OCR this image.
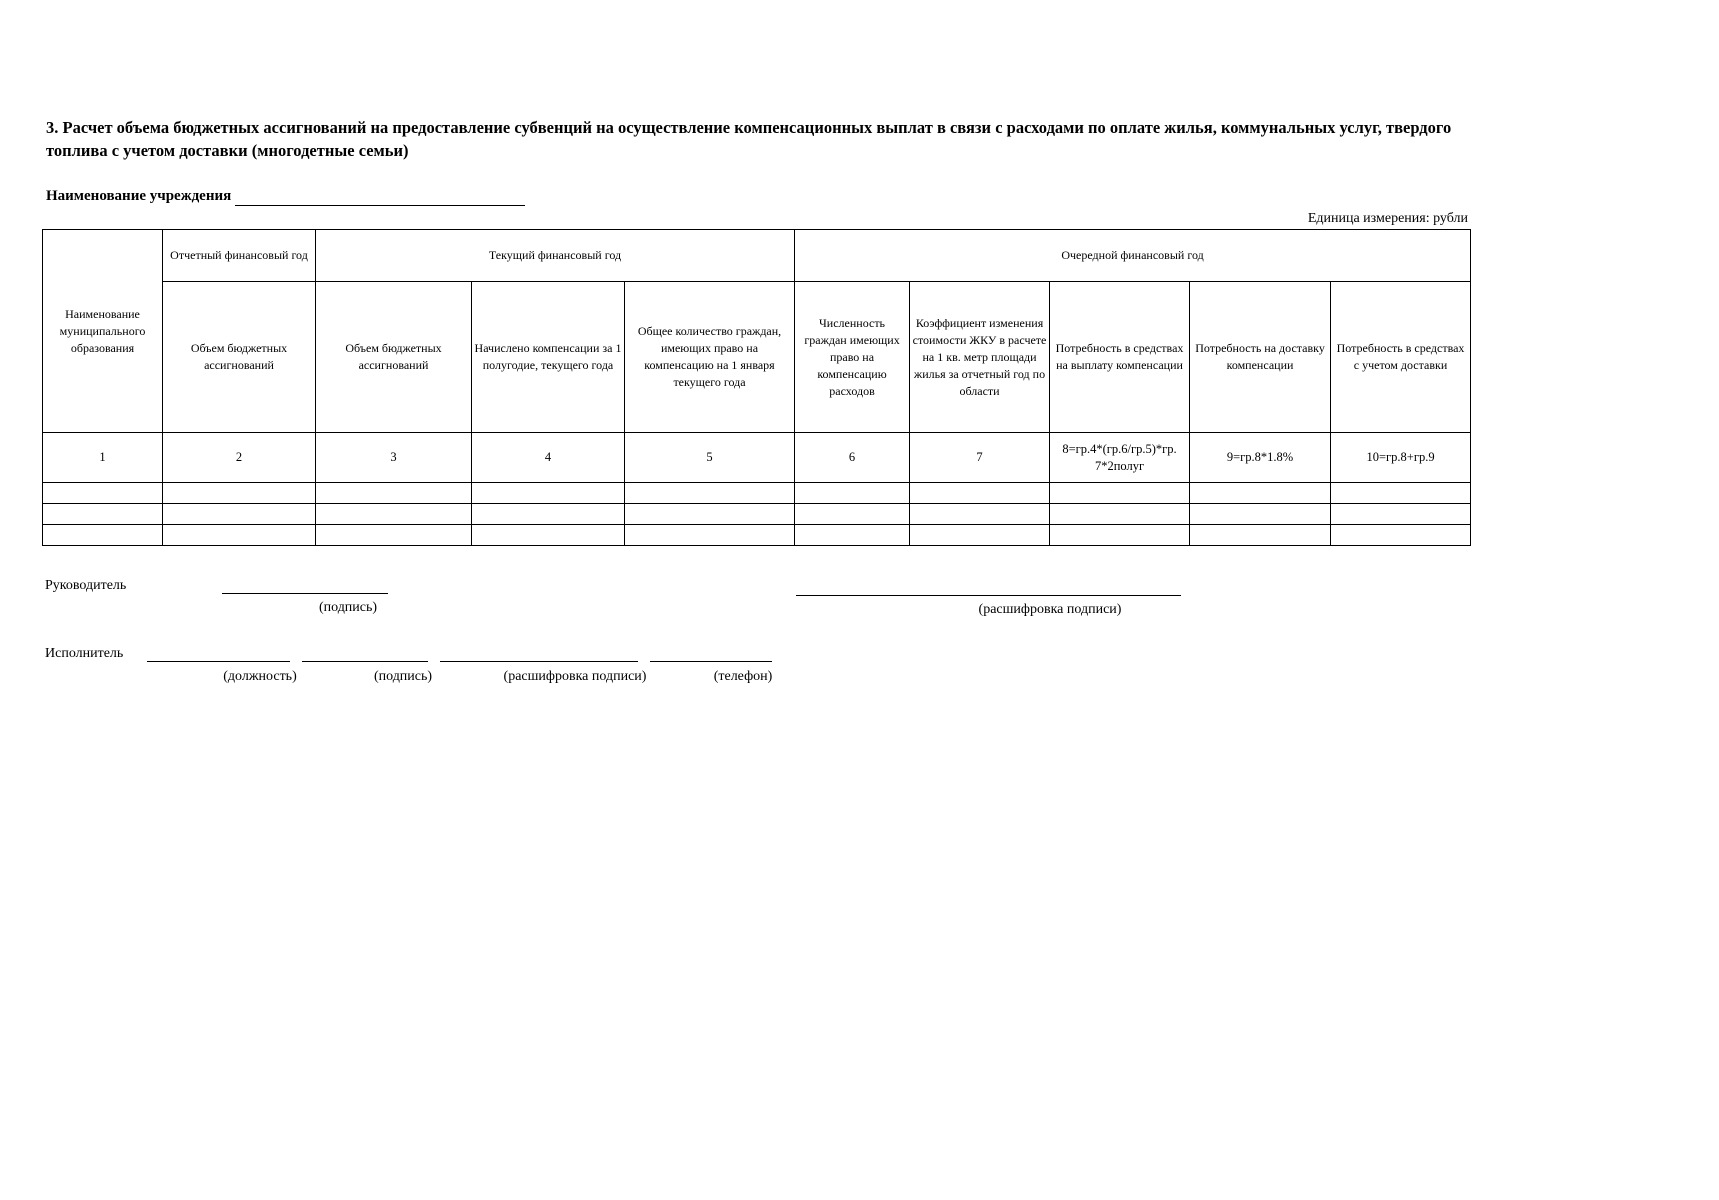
3. Расчет объема бюджетных ассигнований на предоставление субвенций на осуществление компенсационных выплат в связи с расходами по оплате жилья, коммунальных услуг, твердого топлива с учетом доставки (многодетные семьи)
Наименование учреждения
Единица измерения: рубли
Наименование муниципального образования	Отчетный финансовый год	Текущий финансовый год			Очередной финансовый год				
	Объем бюджетных ассигнований	Объем бюджетных ассигнований	Начислено компенсации за 1 полугодие, текущего года	Общее количество граждан, имеющих право на компенсацию на 1 января текущего года	Численность граждан имеющих право на компенсацию расходов	Коэффициент изменения стоимости ЖКУ в расчете на 1 кв. метр площади жилья за отчетный год по области	Потребность в средствах на выплату компенсации	Потребность на доставку компенсации	Потребность в средствах с учетом доставки
1	2	3	4	5	6	7	8=гр.4*(гр.6/гр.5)*гр. 7*2полуг	9=гр.8*1.8%	10=гр.8+гр.9

Руководитель
(подпись)	(расшифровка подписи)
Исполнитель
(должность)	(подпись)	(расшифровка подписи)	(телефон)
